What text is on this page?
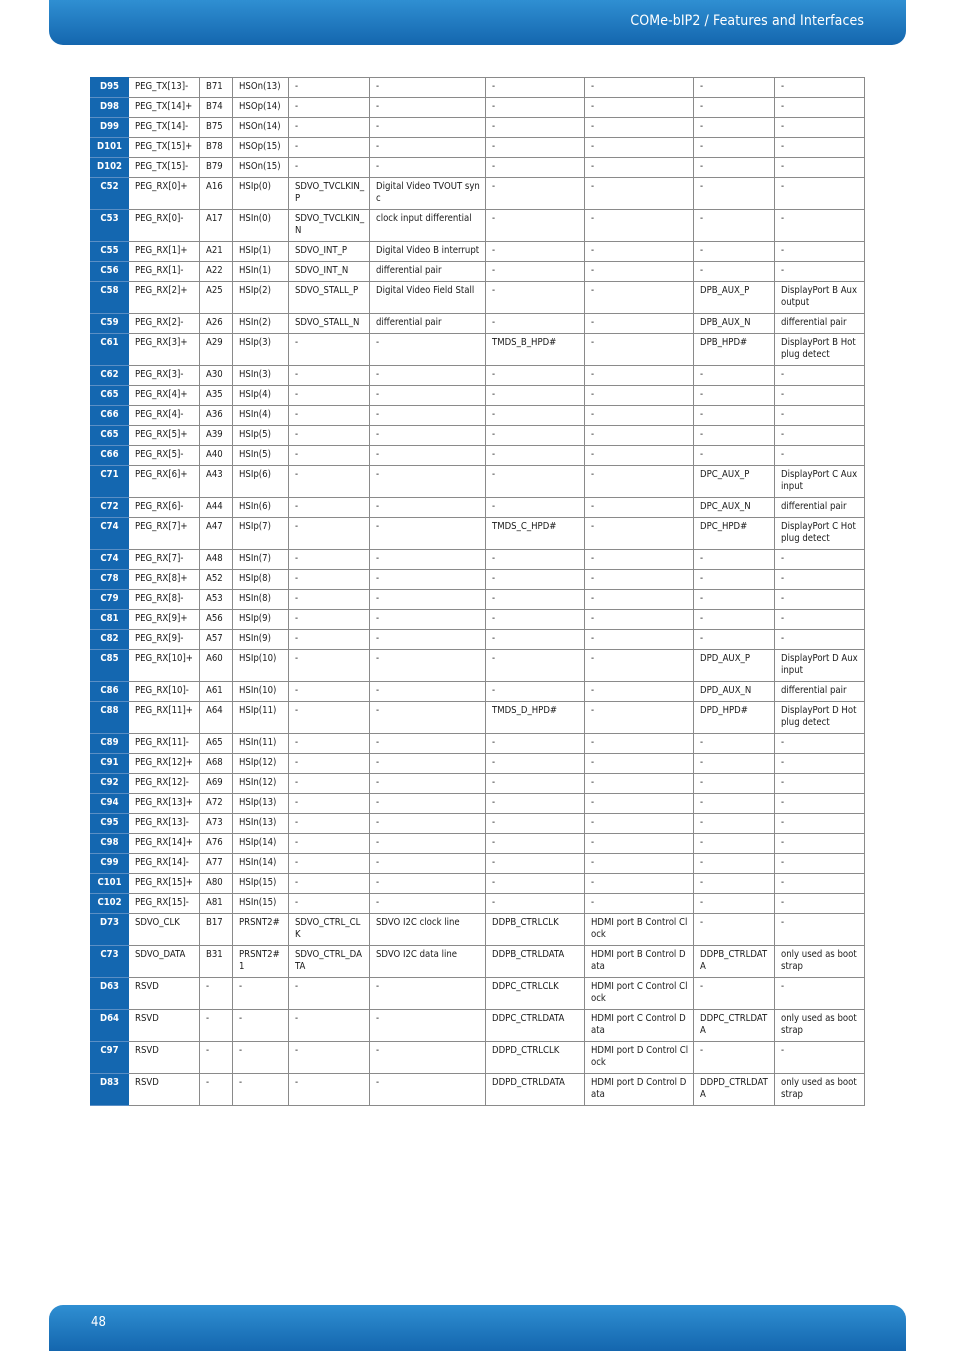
COMe-bIP2 / Features and Interfaces
D95	PEG_TX[13]-	B71	HSOn(13)	-	-	-	-	-	-
D98	PEG_TX[14]+	B74	HSOp(14)	-	-	-	-	-	-
D99	PEG_TX[14]-	B75	HSOn(14)	-	-	-	-	-	-
D101	PEG_TX[15]+	B78	HSOp(15)	-	-	-	-	-	-
D102	PEG_TX[15]-	B79	HSOn(15)	-	-	-	-	-	-
C52	PEG_RX[0]+	A16	HSIp(0)	SDVO_TVCLKIN_P	Digital Video TVOUT sync	-	-	-	-
C53	PEG_RX[0]-	A17	HSIn(0)	SDVO_TVCLKIN_N	clock input differential	-	-	-	-
C55	PEG_RX[1]+	A21	HSIp(1)	SDVO_INT_P	Digital Video B interrupt	-	-	-	-
C56	PEG_RX[1]-	A22	HSIn(1)	SDVO_INT_N	differential pair	-	-	-	-
C58	PEG_RX[2]+	A25	HSIp(2)	SDVO_STALL_P	Digital Video Field Stall	-	-	DPB_AUX_P	DisplayPort B Aux output
C59	PEG_RX[2]-	A26	HSIn(2)	SDVO_STALL_N	differential pair	-	-	DPB_AUX_N	differential pair
C61	PEG_RX[3]+	A29	HSIp(3)	-	-	TMDS_B_HPD#	-	DPB_HPD#	DisplayPort B Hotplug detect
C62	PEG_RX[3]-	A30	HSIn(3)	-	-	-	-	-	-
C65	PEG_RX[4]+	A35	HSIp(4)	-	-	-	-	-	-
C66	PEG_RX[4]-	A36	HSIn(4)	-	-	-	-	-	-
C65	PEG_RX[5]+	A39	HSIp(5)	-	-	-	-	-	-
C66	PEG_RX[5]-	A40	HSIn(5)	-	-	-	-	-	-
C71	PEG_RX[6]+	A43	HSIp(6)	-	-	-	-	DPC_AUX_P	DisplayPort C Aux input
C72	PEG_RX[6]-	A44	HSIn(6)	-	-	-	-	DPC_AUX_N	differential pair
C74	PEG_RX[7]+	A47	HSIp(7)	-	-	TMDS_C_HPD#	-	DPC_HPD#	DisplayPort C Hotplug detect
C74	PEG_RX[7]-	A48	HSIn(7)	-	-	-	-	-	-
C78	PEG_RX[8]+	A52	HSIp(8)	-	-	-	-	-	-
C79	PEG_RX[8]-	A53	HSIn(8)	-	-	-	-	-	-
C81	PEG_RX[9]+	A56	HSIp(9)	-	-	-	-	-	-
C82	PEG_RX[9]-	A57	HSIn(9)	-	-	-	-	-	-
C85	PEG_RX[10]+	A60	HSIp(10)	-	-	-	-	DPD_AUX_P	DisplayPort D Aux input
C86	PEG_RX[10]-	A61	HSIn(10)	-	-	-	-	DPD_AUX_N	differential pair
C88	PEG_RX[11]+	A64	HSIp(11)	-	-	TMDS_D_HPD#	-	DPD_HPD#	DisplayPort D Hotplug detect
C89	PEG_RX[11]-	A65	HSIn(11)	-	-	-	-	-	-
C91	PEG_RX[12]+	A68	HSIp(12)	-	-	-	-	-	-
C92	PEG_RX[12]-	A69	HSIn(12)	-	-	-	-	-	-
C94	PEG_RX[13]+	A72	HSIp(13)	-	-	-	-	-	-
C95	PEG_RX[13]-	A73	HSIn(13)	-	-	-	-	-	-
C98	PEG_RX[14]+	A76	HSIp(14)	-	-	-	-	-	-
C99	PEG_RX[14]-	A77	HSIn(14)	-	-	-	-	-	-
C101	PEG_RX[15]+	A80	HSIp(15)	-	-	-	-	-	-
C102	PEG_RX[15]-	A81	HSIn(15)	-	-	-	-	-	-
D73	SDVO_CLK	B17	PRSNT2#	SDVO_CTRL_CLK	SDVO I2C clock line	DDPB_CTRLCLK	HDMI port B Control Clock	-	-
C73	SDVO_DATA	B31	PRSNT2#1	SDVO_CTRL_DATA	SDVO I2C data line	DDPB_CTRLDATA	HDMI port B Control Data	DDPB_CTRLDATA	only used as boot strap
D63	RSVD	-	-	-	-	DDPC_CTRLCLK	HDMI port C Control Clock	-	-
D64	RSVD	-	-	-	-	DDPC_CTRLDATA	HDMI port C Control Data	DDPC_CTRLDATA	only used as boot strap
C97	RSVD	-	-	-	-	DDPD_CTRLCLK	HDMI port D Control Clock	-	-
D83	RSVD	-	-	-	-	DDPD_CTRLDATA	HDMI port D Control Data	DDPD_CTRLDATA	only used as boot strap
48
